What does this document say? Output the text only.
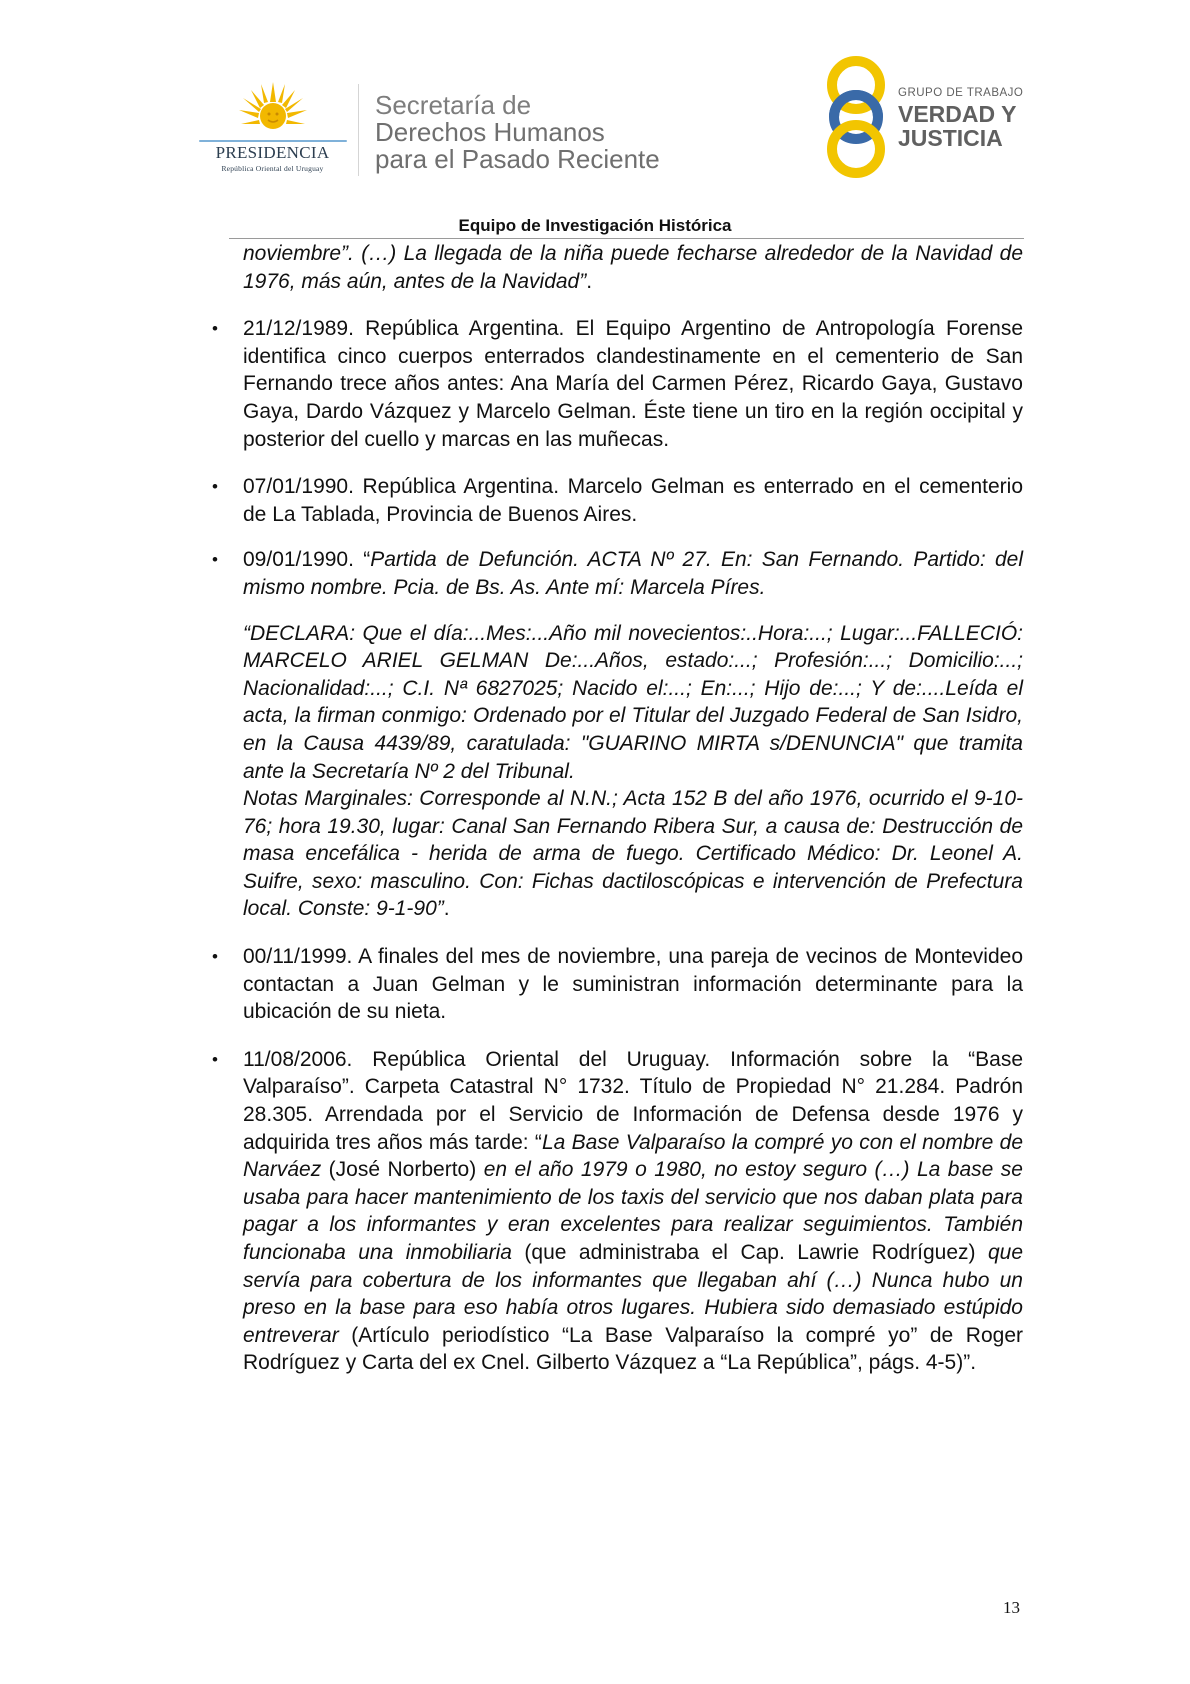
PRESIDENCIA
República Oriental del Uruguay
Secretaría de
Derechos Humanos
para el Pasado Reciente
GRUPO DE TRABAJO
VERDAD Y
JUSTICIA
Equipo de Investigación Histórica

noviembre”. (…) La llegada de la niña puede fecharse alrededor de la Navidad de 1976, más aún, antes de la Navidad”.

• 21/12/1989. República Argentina. El Equipo Argentino de Antropología Forense identifica cinco cuerpos enterrados clandestinamente en el cementerio de San Fernando trece años antes: Ana María del Carmen Pérez, Ricardo Gaya, Gustavo Gaya, Dardo Vázquez y Marcelo Gelman. Éste tiene un tiro en la región occipital y posterior del cuello y marcas en las muñecas.

• 07/01/1990. República Argentina. Marcelo Gelman es enterrado en el cementerio de La Tablada, Provincia de Buenos Aires.

• 09/01/1990. “Partida de Defunción. ACTA Nº 27. En: San Fernando. Partido: del mismo nombre. Pcia. de Bs. As. Ante mí: Marcela Píres.

“DECLARA: Que el día:...Mes:...Año mil novecientos:..Hora:...; Lugar:...FALLECIÓ: MARCELO ARIEL GELMAN De:...Años, estado:...; Profesión:...; Domicilio:...; Nacionalidad:...; C.I. Nª 6827025; Nacido el:...; En:...; Hijo de:...; Y de:....Leída el acta, la firman conmigo: Ordenado por el Titular del Juzgado Federal de San Isidro, en la Causa 4439/89, caratulada: "GUARINO MIRTA s/DENUNCIA" que tramita ante la Secretaría Nº 2 del Tribunal.

Notas Marginales: Corresponde al N.N.; Acta 152 B del año 1976, ocurrido el 9-10-76; hora 19.30, lugar: Canal San Fernando Ribera Sur, a causa de: Destrucción de masa encefálica - herida de arma de fuego. Certificado Médico: Dr. Leonel A. Suifre, sexo: masculino. Con: Fichas dactiloscópicas e intervención de Prefectura local. Conste: 9-1-90”.

• 00/11/1999. A finales del mes de noviembre, una pareja de vecinos de Montevideo contactan a Juan Gelman y le suministran información determinante para la ubicación de su nieta.

• 11/08/2006. República Oriental del Uruguay. Información sobre la “Base Valparaíso”. Carpeta Catastral N° 1732. Título de Propiedad N° 21.284. Padrón 28.305. Arrendada por el Servicio de Información de Defensa desde 1976 y adquirida tres años más tarde: “La Base Valparaíso la compré yo con el nombre de Narváez (José Norberto) en el año 1979 o 1980, no estoy seguro (…) La base se usaba para hacer mantenimiento de los taxis del servicio que nos daban plata para pagar a los informantes y eran excelentes para realizar seguimientos. También funcionaba una inmobiliaria (que administraba el Cap. Lawrie Rodríguez) que servía para cobertura de los informantes que llegaban ahí (…) Nunca hubo un preso en la base para eso había otros lugares. Hubiera sido demasiado estúpido entreverar (Artículo periodístico “La Base Valparaíso la compré yo” de Roger Rodríguez y Carta del ex Cnel. Gilberto Vázquez a “La República”, págs. 4-5)”.

13
